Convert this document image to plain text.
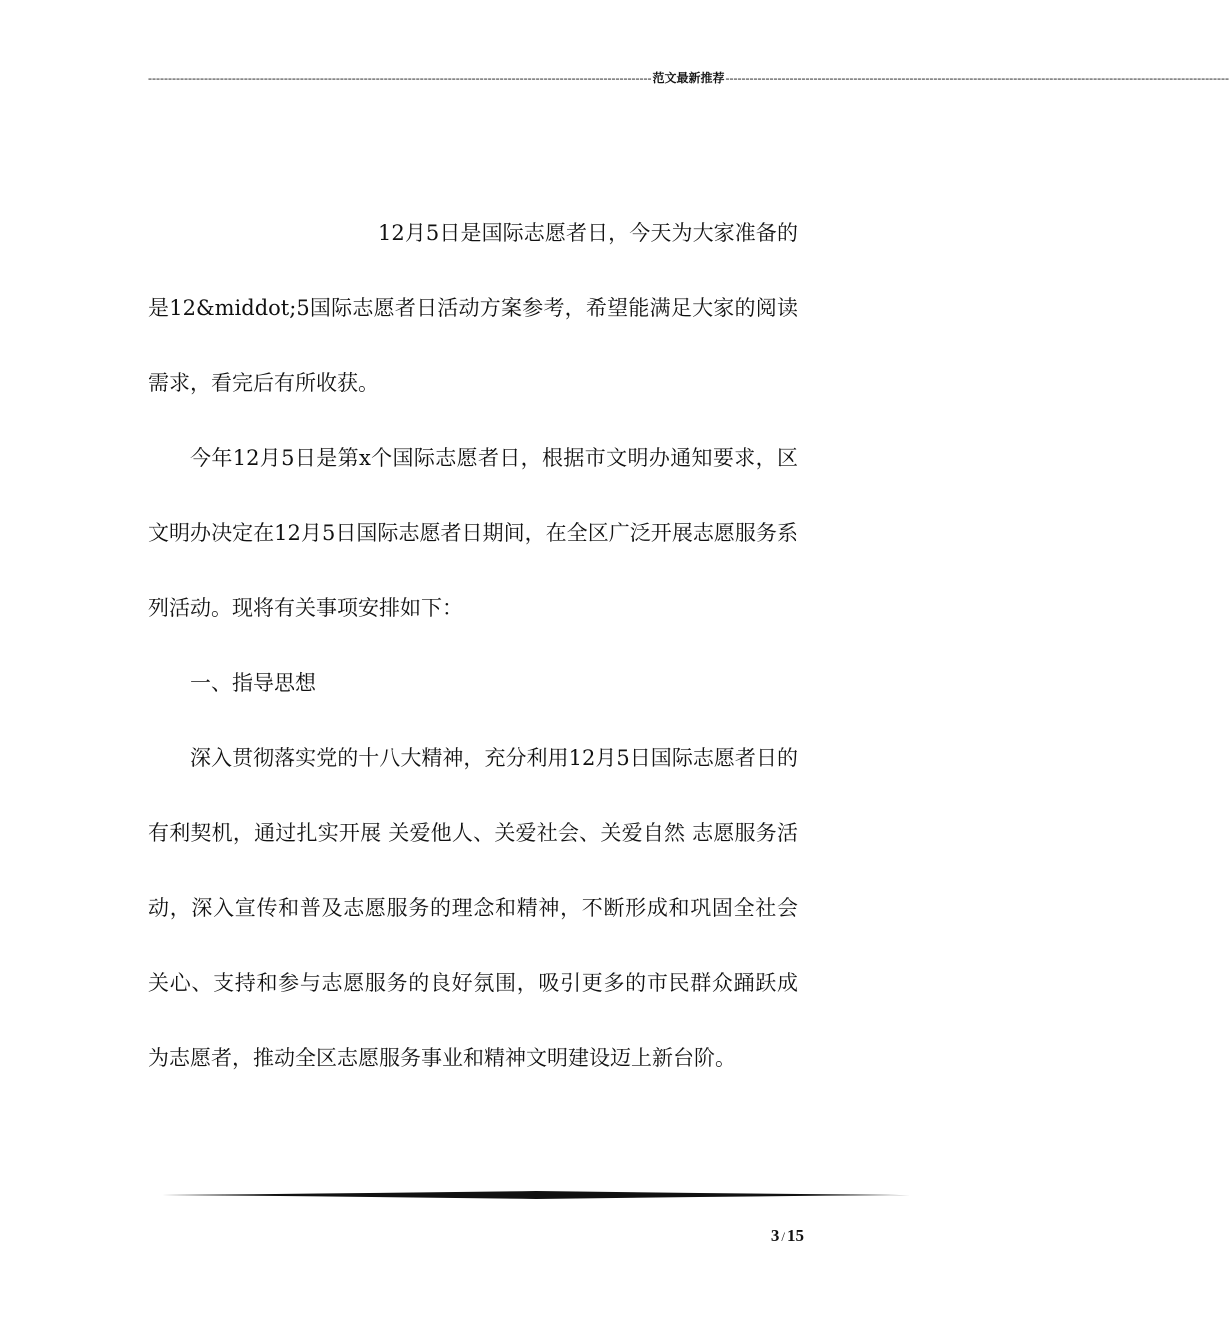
------------------------------------------------------------------------------------------------------------------------------ 范文最新推荐 ------------------------------------------------------------------------------------------------------------------------------

12月5日是国际志愿者日，今天为大家准备的是12&middot;5国际志愿者日活动方案参考，希望能满足大家的阅读需求，看完后有所收获。

今年12月5日是第x个国际志愿者日，根据市文明办通知要求，区文明办决定在12月5日国际志愿者日期间，在全区广泛开展志愿服务系列活动。现将有关事项安排如下：

一、指导思想

深入贯彻落实党的十八大精神，充分利用12月5日国际志愿者日的有利契机，通过扎实开展 关爱他人、关爱社会、关爱自然 志愿服务活动，深入宣传和普及志愿服务的理念和精神，不断形成和巩固全社会关心、支持和参与志愿服务的良好氛围，吸引更多的市民群众踊跃成为志愿者，推动全区志愿服务事业和精神文明建设迈上新台阶。

3 / 15
